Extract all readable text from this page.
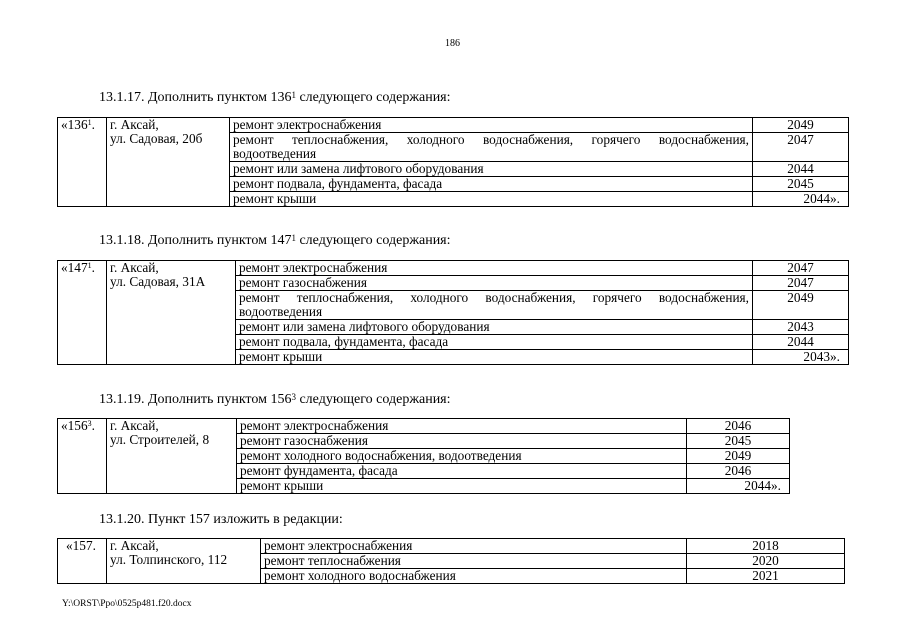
186
13.1.17. Дополнить пунктом $136^1$ следующего содержания:
«$136^1$.	г. Аксай,
ул. Садовая, 20б	ремонт электроснабжения	2049
		ремонт теплоснабжения, холодного водоснабжения, горячего водоснабжения, водоотведения	2047
		ремонт или замена лифтового оборудования	2044
		ремонт подвала, фундамента, фасада	2045
		ремонт крыши	2044».
13.1.18. Дополнить пунктом $147^1$ следующего содержания:
«$147^1$.	г. Аксай,
ул. Садовая, 31А	ремонт электроснабжения	2047
		ремонт газоснабжения	2047
		ремонт теплоснабжения, холодного водоснабжения, горячего водоснабжения, водоотведения	2049
		ремонт или замена лифтового оборудования	2043
		ремонт подвала, фундамента, фасада	2044
		ремонт крыши	2043».
13.1.19. Дополнить пунктом $156^3$ следующего содержания:
«$156^3$.	г. Аксай,
ул. Строителей, 8	ремонт электроснабжения	2046
		ремонт газоснабжения	2045
		ремонт холодного водоснабжения, водоотведения	2049
		ремонт фундамента, фасада	2046
		ремонт крыши	2044».
13.1.20. Пункт 157 изложить в редакции:
«157.	г. Аксай,
ул. Толпинского, 112	ремонт электроснабжения	2018
		ремонт теплоснабжения	2020
		ремонт холодного водоснабжения	2021
Y:\ORST\Ppo\0525p481.f20.docx
